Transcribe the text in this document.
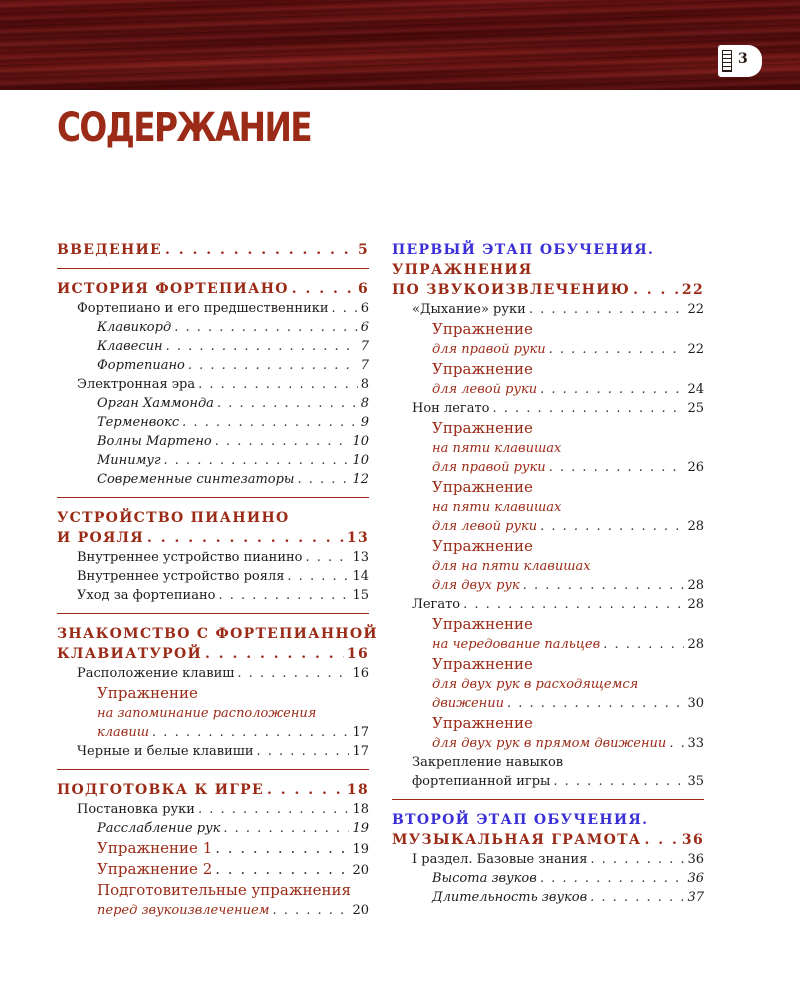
3
СОДЕРЖАНИЕ
ВВЕДЕНИЕ . . .	5
ИСТОРИЯ ФОРТЕПИАНО . . .	6
Фортепиано и его предшественники . . . 6
Клавикорд . . .	6
Клавесин . . .	7
Фортепиано . . .	7
Электронная эра . . .	8
Орган Хаммонда . . .	8
Терменвокс . . .	9
Волны Мартено . . .	10
Минимуг . . .	10
Современные синтезаторы . . .	12
УСТРОЙСТВО ПИАНИНО
И РОЯЛЯ . . .	13
Внутреннее устройство пианино . . .	13
Внутреннее устройство рояля . . .	14
Уход за фортепиано . . .	15
ЗНАКОМСТВО С ФОРТЕПИАННОЙ
КЛАВИАТУРОЙ . . .	16
Расположение клавиш . . .	16
Упражнение
на запоминание расположения
клавиш . . .	17
Черные и белые клавиши . . .	17
ПОДГОТОВКА К ИГРЕ . . .	18
Постановка руки . . .	18
Расслабление рук . . .	19
Упражнение 1 . . .	19
Упражнение 2 . . .	20
Подготовительные упражнения
перед звукоизвлечением . . .	20
ПЕРВЫЙ ЭТАП ОБУЧЕНИЯ.
УПРАЖНЕНИЯ
ПО ЗВУКОИЗВЛЕЧЕНИЮ . . .	22
«Дыхание» руки . . .	22
Упражнение
для правой руки . . .	22
Упражнение
для левой руки . . .	24
Нон легато . . .	25
Упражнение
на пяти клавишах
для правой руки . . .	26
Упражнение
на пяти клавишах
для левой руки . . .	28
Упражнение
для на пяти клавишах
для двух рук . . .	28
Легато . . .	28
Упражнение
на чередование пальцев . . .	28
Упражнение
для двух рук в расходящемся
движении . . .	30
Упражнение
для двух рук в прямом движении . . . 33
Закрепление навыков
фортепианной игры . . .	35
ВТОРОЙ ЭТАП ОБУЧЕНИЯ.
МУЗЫКАЛЬНАЯ ГРАМОТА . . .	36
I раздел. Базовые знания . . .	36
Высота звуков . . .	36
Длительность звуков . . .	37
